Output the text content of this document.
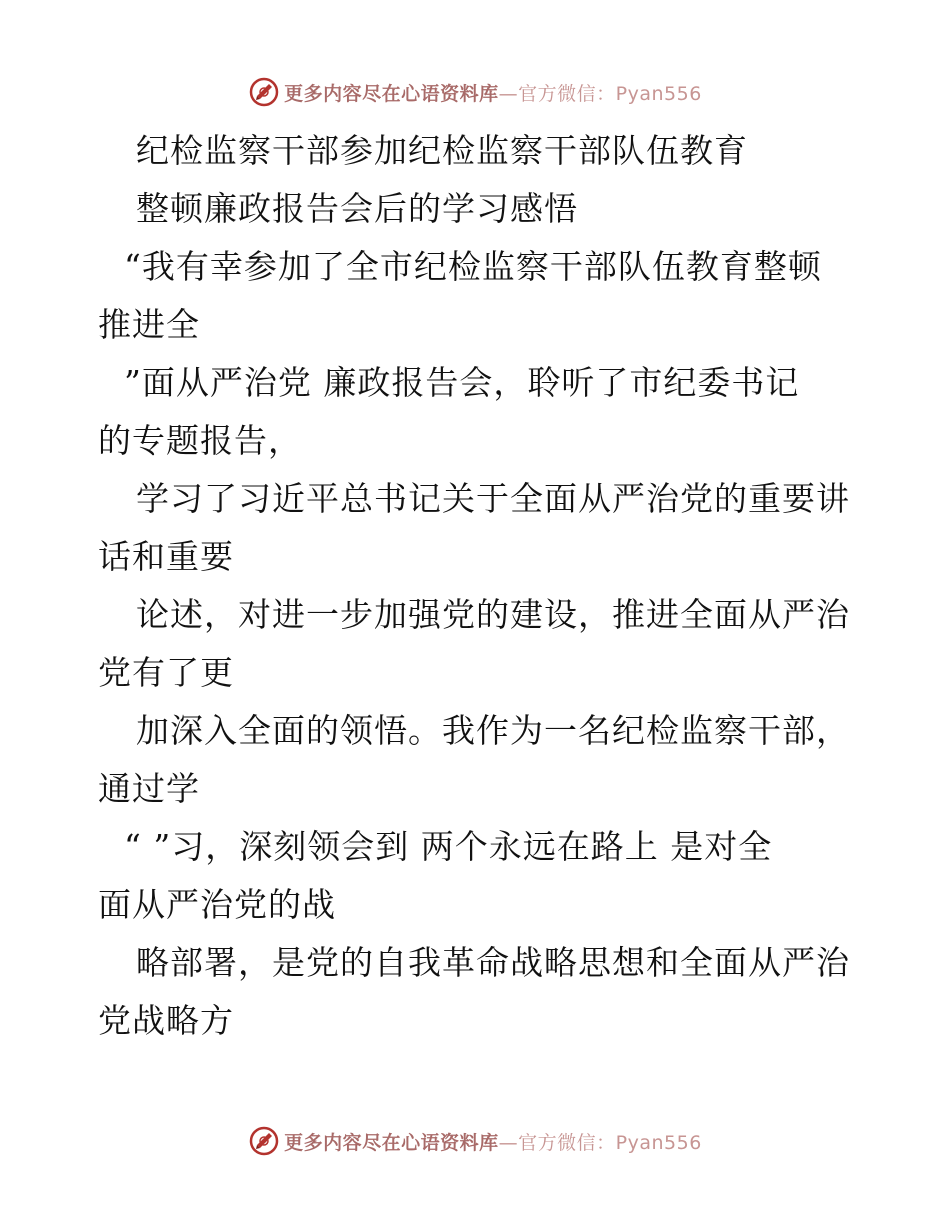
更多内容尽在心语资料库—官方微信：Pyan556
纪检监察干部参加纪检监察干部队伍教育
整顿廉政报告会后的学习感悟
“我有幸参加了全市纪检监察干部队伍教育整顿
推进全
”面从严治党 廉政报告会，聆听了市纪委书记
的专题报告，
学习了习近平总书记关于全面从严治党的重要讲
话和重要
论述，对进一步加强党的建设，推进全面从严治
党有了更
加深入全面的领悟。我作为一名纪检监察干部，
通过学
“ ”习，深刻领会到 两个永远在路上 是对全
面从严治党的战
略部署，是党的自我革命战略思想和全面从严治
党战略方
更多内容尽在心语资料库—官方微信：Pyan556
